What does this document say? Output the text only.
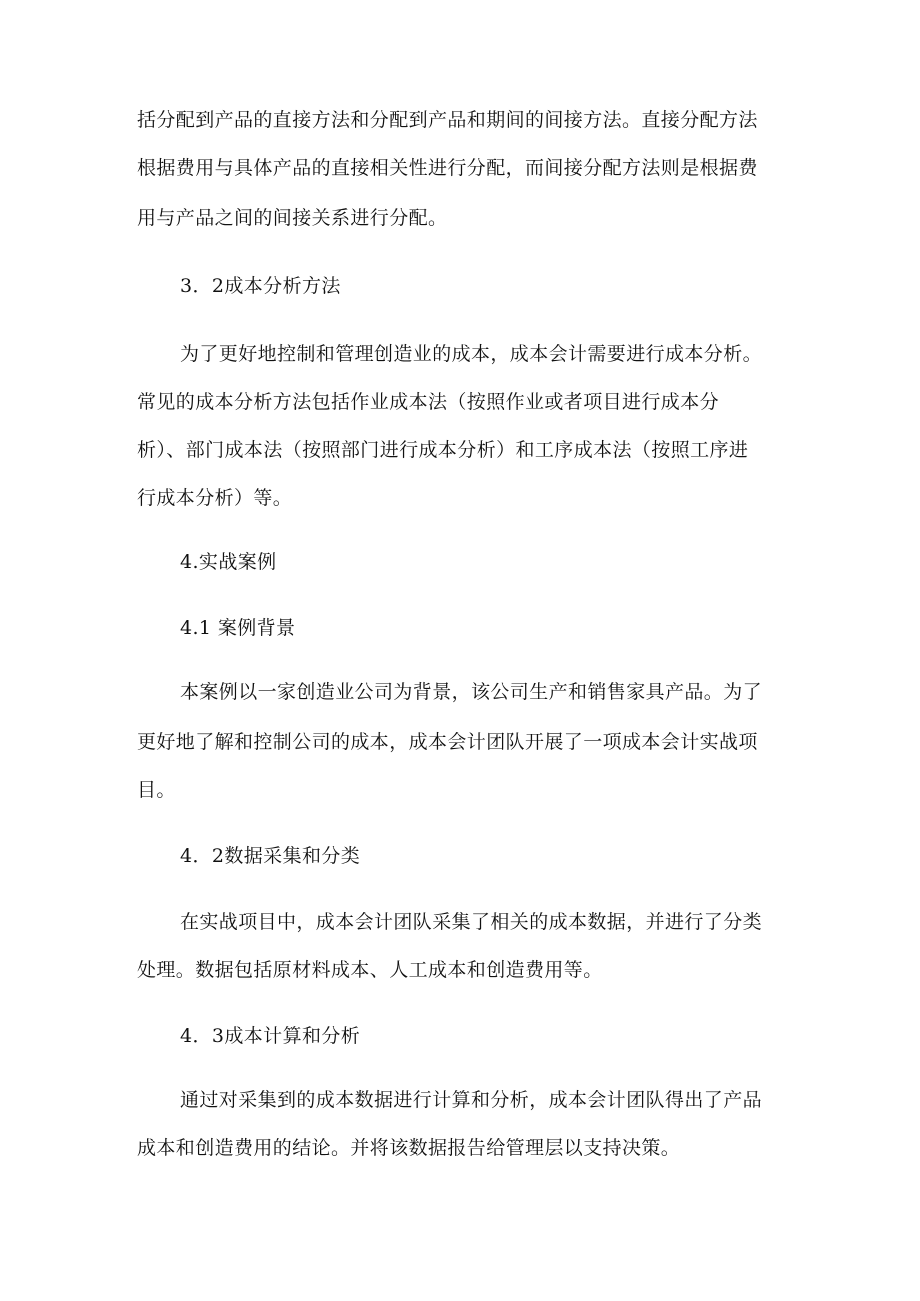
括分配到产品的直接方法和分配到产品和期间的间接方法。直接分配方法
根据费用与具体产品的直接相关性进行分配，而间接分配方法则是根据费
用与产品之间的间接关系进行分配。
3．2成本分析方法
为了更好地控制和管理创造业的成本，成本会计需要进行成本分析。
常见的成本分析方法包括作业成本法（按照作业或者项目进行成本分
析）、部门成本法（按照部门进行成本分析）和工序成本法（按照工序进
行成本分析）等。
4.实战案例
4.1 案例背景
本案例以一家创造业公司为背景，该公司生产和销售家具产品。为了
更好地了解和控制公司的成本，成本会计团队开展了一项成本会计实战项
目。
4．2数据采集和分类
在实战项目中，成本会计团队采集了相关的成本数据，并进行了分类
处理。数据包括原材料成本、人工成本和创造费用等。
4．3成本计算和分析
通过对采集到的成本数据进行计算和分析，成本会计团队得出了产品
成本和创造费用的结论。并将该数据报告给管理层以支持决策。
